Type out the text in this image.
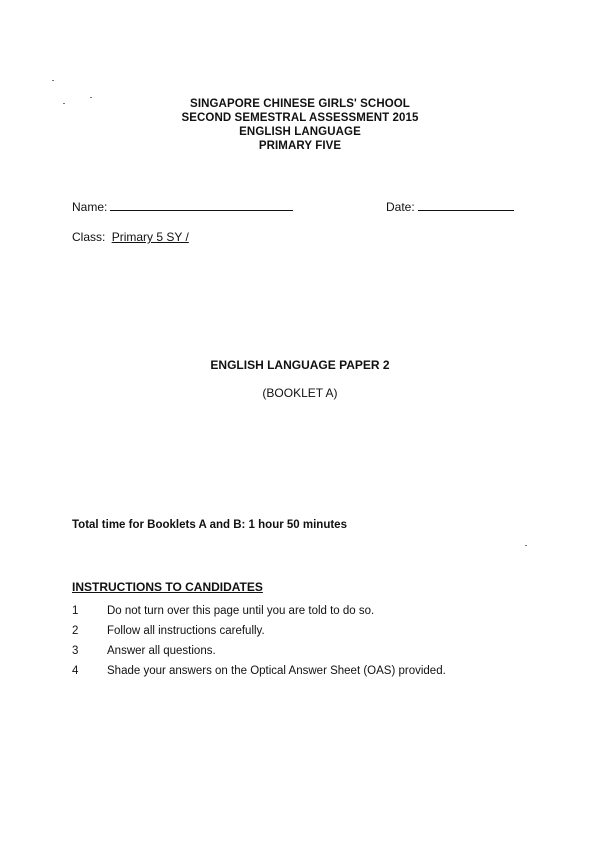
SINGAPORE CHINESE GIRLS' SCHOOL
SECOND SEMESTRAL ASSESSMENT 2015
ENGLISH LANGUAGE
PRIMARY FIVE
Name:	Date:
Class: Primary 5 SY /
ENGLISH LANGUAGE PAPER 2
(BOOKLET A)
Total time for Booklets A and B: 1 hour 50 minutes
INSTRUCTIONS TO CANDIDATES
1 Do not turn over this page until you are told to do so.
2 Follow all instructions carefully.
3 Answer all questions.
4 Shade your answers on the Optical Answer Sheet (OAS) provided.
